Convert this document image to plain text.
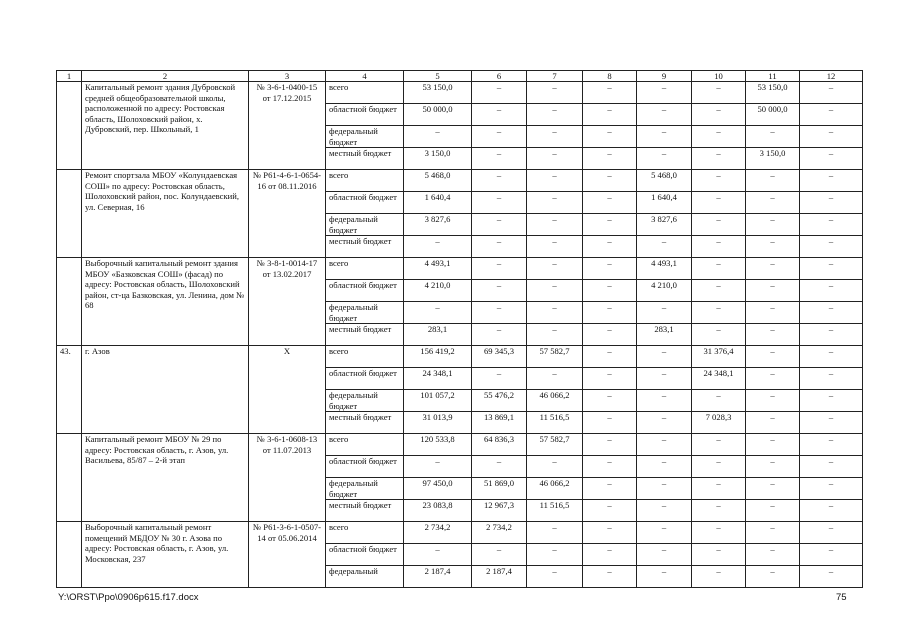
1	2	3	4	5	6	7	8	9	10	11	12
	Капитальный ремонт здания Дубровской средней общеобразовательной школы, расположенной по адресу: Ростовская область, Шолоховский район, х. Дубровский, пер. Школьный, 1	№ 3-6-1-0400-15 от 17.12.2015	всего	53 150,0	–	–	–	–	–	53 150,0	–
			областной бюджет	50 000,0	–	–	–	–	–	50 000,0	–
			федеральный бюджет	–	–	–	–	–	–	–	–
			местный бюджет	3 150,0	–	–	–	–	–	3 150,0	–
	Ремонт спортзала МБОУ «Колундаевская СОШ» по адресу: Ростовская область, Шолоховский район, пос. Колундаевский, ул. Северная, 16	№ Р61-4-6-1-0654-16 от 08.11.2016	всего	5 468,0	–	–	–	5 468,0	–	–	–
			областной бюджет	1 640,4	–	–	–	1 640,4	–	–	–
			федеральный бюджет	3 827,6	–	–	–	3 827,6	–	–	–
			местный бюджет	–	–	–	–	–	–	–	–
	Выборочный капитальный ремонт здания МБОУ «Базковская СОШ» (фасад) по адресу: Ростовская область, Шолоховский район, ст-ца Базковская, ул. Ленина, дом № 68	№ 3-8-1-0014-17 от 13.02.2017	всего	4 493,1	–	–	–	4 493,1	–	–	–
			областной бюджет	4 210,0	–	–	–	4 210,0	–	–	–
			федеральный бюджет	–	–	–	–	–	–	–	–
			местный бюджет	283,1	–	–	–	283,1	–	–	–
43.	г. Азов	Х	всего	156 419,2	69 345,3	57 582,7	–	–	31 376,4	–	–
			областной бюджет	24 348,1	–	–	–	–	24 348,1	–	–
			федеральный бюджет	101 057,2	55 476,2	46 066,2	–	–	–	–	–
			местный бюджет	31 013,9	13 869,1	11 516,5	–	–	7 028,3	–	–
	Капитальный ремонт МБОУ № 29 по адресу: Ростовская область, г. Азов, ул. Васильева, 85/87 – 2-й этап	№ 3-6-1-0608-13 от 11.07.2013	всего	120 533,8	64 836,3	57 582,7	–	–	–	–	–
			областной бюджет	–	–	–	–	–	–	–	–
			федеральный бюджет	97 450,0	51 869,0	46 066,2	–	–	–	–	–
			местный бюджет	23 083,8	12 967,3	11 516,5	–	–	–	–	–
	Выборочный капитальный ремонт помещений МБДОУ № 30 г. Азова по адресу: Ростовская область, г. Азов, ул. Московская, 237	№ Р61-3-6-1-0507-14 от 05.06.2014	всего	2 734,2	2 734,2	–	–	–	–	–	–
			областной бюджет	–	–	–	–	–	–	–	–
			федеральный	2 187,4	2 187,4	–	–	–	–	–	–
Y:\ORST\Ppo\0906p615.f17.docx	75
